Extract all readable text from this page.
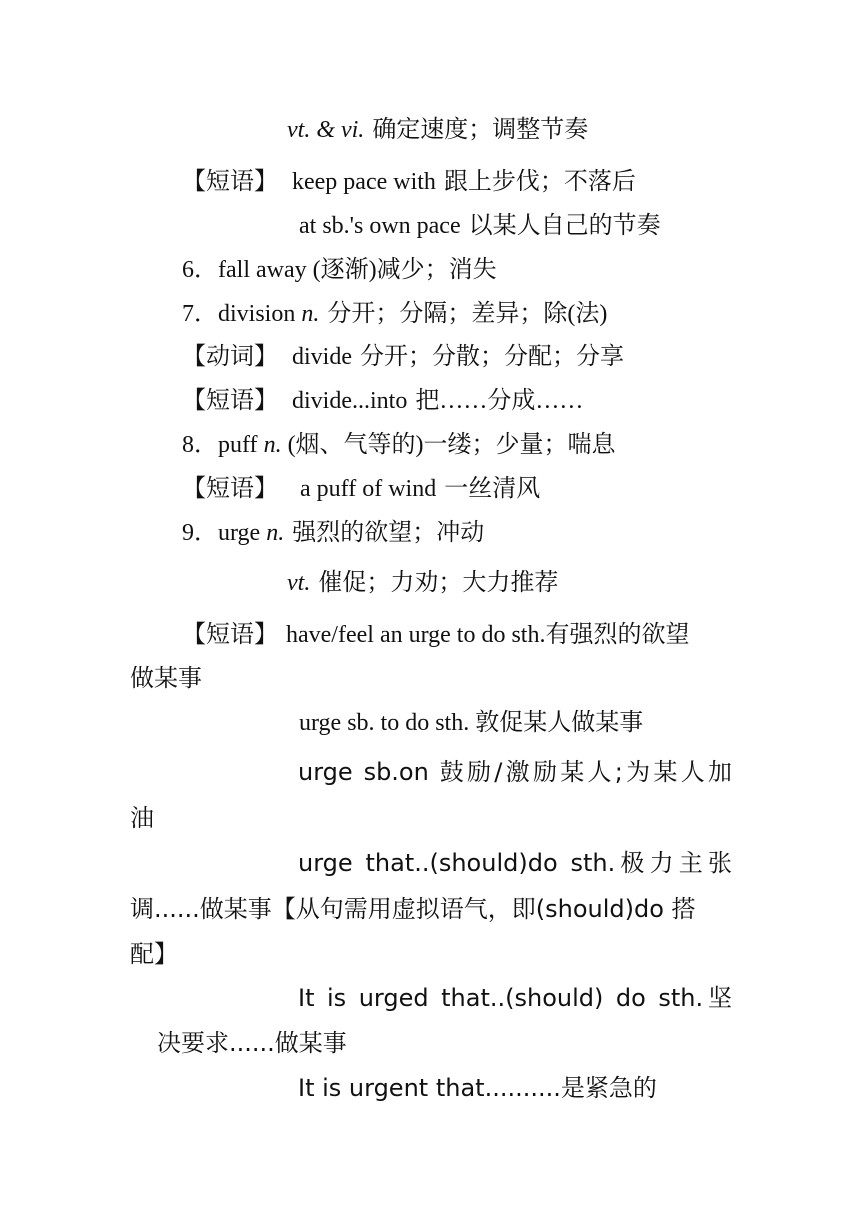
vt. & vi. 确定速度；调整节奏
【短语】 keep pace with 跟上步伐；不落后
at sb.'s own pace 以某人自己的节奏
6．fall away (逐渐)减少；消失
7．division n. 分开；分隔；差异；除(法)
【动词】 divide 分开；分散；分配；分享
【短语】 divide...into 把……分成……
8．puff n. (烟、气等的)一缕；少量；喘息
【短语】 a puff of wind 一丝清风
9．urge n. 强烈的欲望；冲动
vt. 催促；力劝；大力推荐
【短语】 have/feel an urge to do sth.有强烈的欲望
做某事
urge sb. to do sth. 敦促某人做某事
urge sb.on 鼓励/激励某人;为某人加
油
urge that..(should)do sth.极力主张
调......做某事【从句需用虚拟语气，即(should)do 搭
配】
It is urged that..(should) do sth.坚
决要求......做某事
It is urgent that..........是紧急的
